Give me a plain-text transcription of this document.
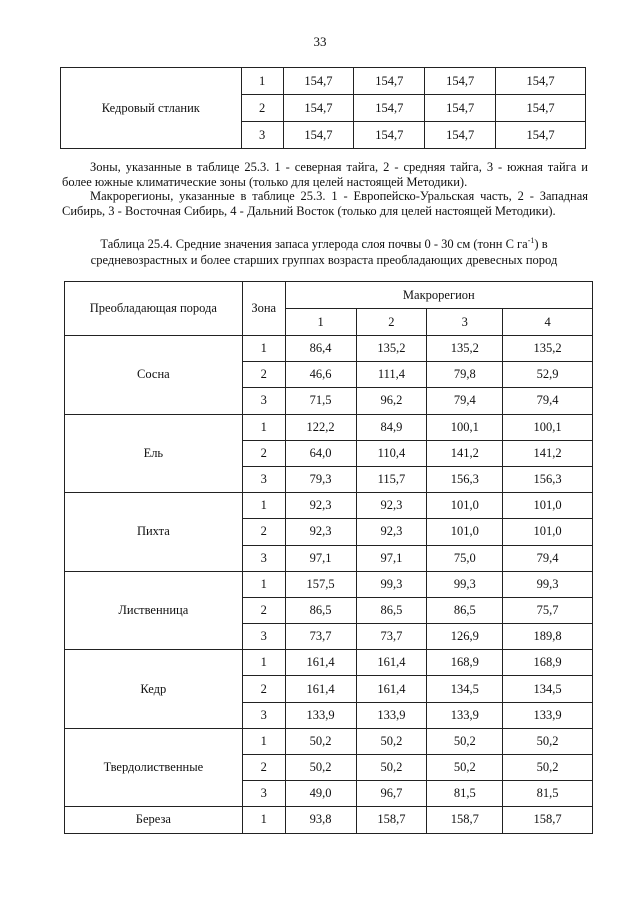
33
Кедровый стланик	1	154,7	154,7	154,7	154,7
	2	154,7	154,7	154,7	154,7
	3	154,7	154,7	154,7	154,7

Зоны, указанные в таблице 25.3. 1 - северная тайга, 2 - средняя тайга, 3 - южная тайга и более южные климатические зоны (только для целей настоящей Методики).

Макрорегионы, указанные в таблице 25.3. 1 - Европейско-Уральская часть, 2 - Западная Сибирь, 3 - Восточная Сибирь, 4 - Дальний Восток (только для целей настоящей Методики).

Таблица 25.4. Средние значения запаса углерода слоя почвы 0 - 30 см (тонн С $га^{-1}$) в
средневозрастных и более старших группах возраста преобладающих древесных пород
Преобладающая порода	Зона	Макрорегион			
		1	2	3	4
Сосна	1	86,4	135,2	135,2	135,2
	2	46,6	111,4	79,8	52,9
	3	71,5	96,2	79,4	79,4
Ель	1	122,2	84,9	100,1	100,1
	2	64,0	110,4	141,2	141,2
	3	79,3	115,7	156,3	156,3
Пихта	1	92,3	92,3	101,0	101,0
	2	92,3	92,3	101,0	101,0
	3	97,1	97,1	75,0	79,4
Лиственница	1	157,5	99,3	99,3	99,3
	2	86,5	86,5	86,5	75,7
	3	73,7	73,7	126,9	189,8
Кедр	1	161,4	161,4	168,9	168,9
	2	161,4	161,4	134,5	134,5
	3	133,9	133,9	133,9	133,9
Твердолиственные	1	50,2	50,2	50,2	50,2
	2	50,2	50,2	50,2	50,2
	3	49,0	96,7	81,5	81,5
Береза	1	93,8	158,7	158,7	158,7
